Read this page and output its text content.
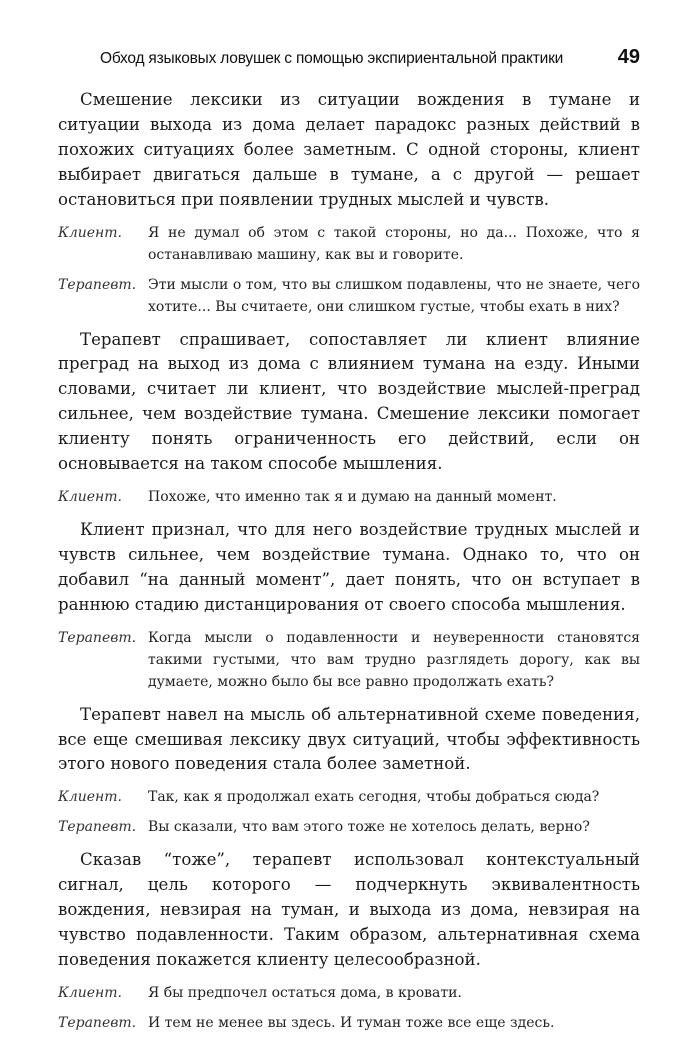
Обход языковых ловушек с помощью экспириентальной практики	49

Смешение лексики из ситуации вождения в тумане и ситуации выхода из дома делает парадокс разных действий в похожих ситуациях более заметным. С одной стороны, клиент выбирает двигаться дальше в тумане, а с другой — решает остановиться при появлении трудных мыслей и чувств.

Клиент.	Я не думал об этом с такой стороны, но да... Похоже, что я останавливаю машину, как вы и говорите.
Терапевт. Эти мысли о том, что вы слишком подавлены, что не знаете, чего хотите... Вы считаете, они слишком густые, чтобы ехать в них?

Терапевт спрашивает, сопоставляет ли клиент влияние преград на выход из дома с влиянием тумана на езду. Иными словами, считает ли клиент, что воздействие мыслей-преград сильнее, чем воздействие тумана. Смешение лексики помогает клиенту понять ограниченность его действий, если он основывается на таком способе мышления.

Клиент.	Похоже, что именно так я и думаю на данный момент.

Клиент признал, что для него воздействие трудных мыслей и чувств сильнее, чем воздействие тумана. Однако то, что он добавил “на данный момент”, дает понять, что он вступает в раннюю стадию дистанцирования от своего способа мышления.

Терапевт. Когда мысли о подавленности и неуверенности становятся такими густыми, что вам трудно разглядеть дорогу, как вы думаете, можно было бы все равно продолжать ехать?

Терапевт навел на мысль об альтернативной схеме поведения, все еще смешивая лексику двух ситуаций, чтобы эффективность этого нового поведения стала более заметной.

Клиент.	Так, как я продолжал ехать сегодня, чтобы добраться сюда?
Терапевт. Вы сказали, что вам этого тоже не хотелось делать, верно?

Сказав “тоже”, терапевт использовал контекстуальный сигнал, цель которого — подчеркнуть эквивалентность вождения, невзирая на туман, и выхода из дома, невзирая на чувство подавленности. Таким образом, альтернативная схема поведения покажется клиенту целесообразной.

Клиент.	Я бы предпочел остаться дома, в кровати.
Терапевт. И тем не менее вы здесь. И туман тоже все еще здесь.
